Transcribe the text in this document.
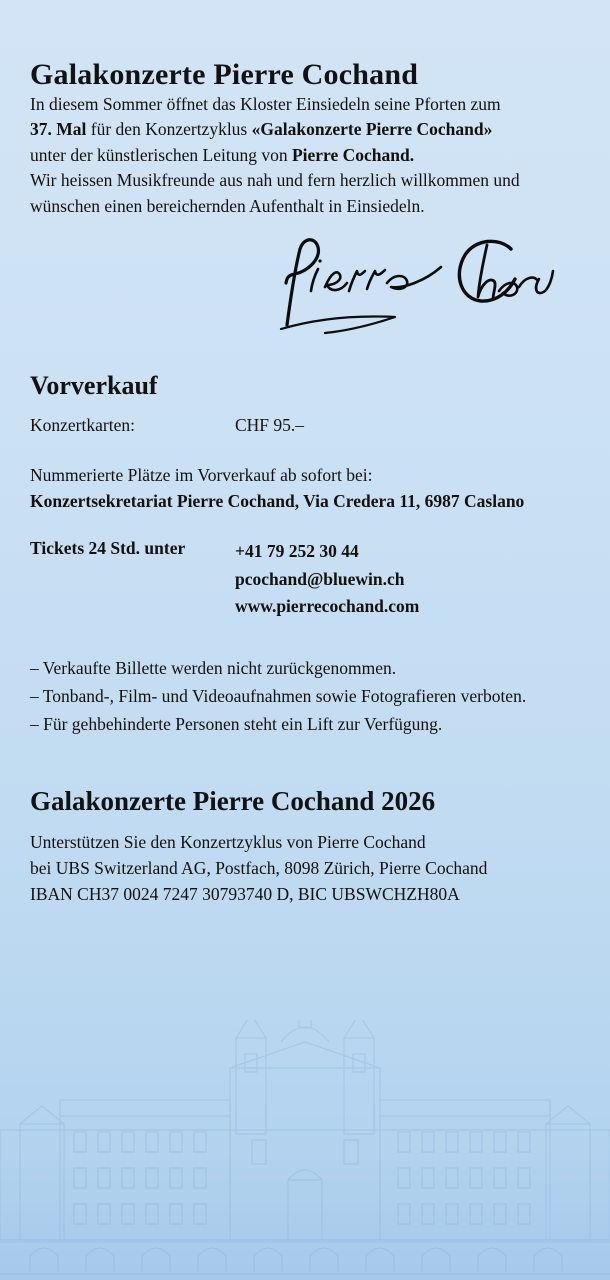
Galakonzerte Pierre Cochand

In diesem Sommer öffnet das Kloster Einsiedeln seine Pforten zum
37. Mal für den Konzertzyklus «Galakonzerte Pierre Cochand»
unter der künstlerischen Leitung von Pierre Cochand.

Wir heissen Musikfreunde aus nah und fern herzlich willkommen und wünschen einen bereichernden Aufenthalt in Einsiedeln.

Vorverkauf
Konzertkarten:	CHF 95.–
Nummerierte Plätze im Vorverkauf ab sofort bei:
Konzertsekretariat Pierre Cochand, Via Credera 11, 6987 Caslano
Tickets 24 Std. unter	+41 79 252 30 44
pcochand@bluewin.ch
www.pierrecochand.com
– Verkaufte Billette werden nicht zurückgenommen.
– Tonband-, Film- und Videoaufnahmen sowie Fotografieren verboten.
– Für gehbehinderte Personen steht ein Lift zur Verfügung.
Galakonzerte Pierre Cochand 2026
Unterstützen Sie den Konzertzyklus von Pierre Cochand
bei UBS Switzerland AG, Postfach, 8098 Zürich, Pierre Cochand
IBAN CH37 0024 7247 30793740 D, BIC UBSWCHZH80A
